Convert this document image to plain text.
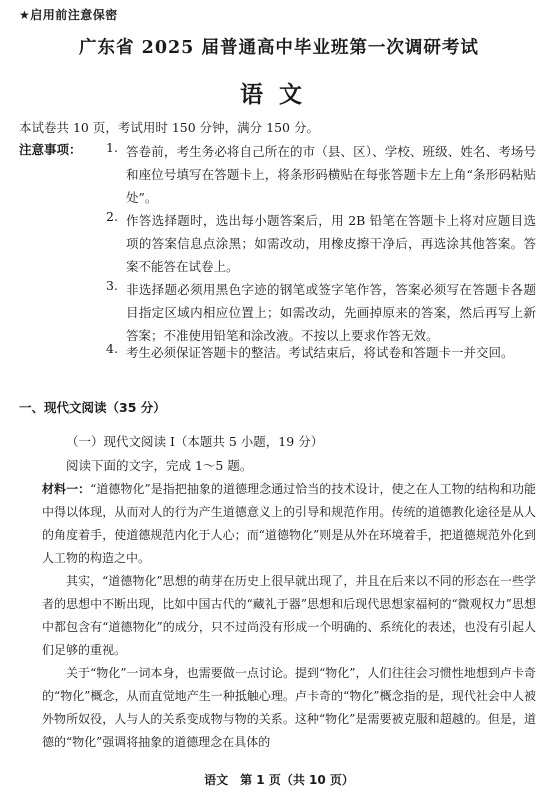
★启用前注意保密
广东省 2025 届普通高中毕业班第一次调研考试
语文
本试卷共 10 页，考试用时 150 分钟，满分 150 分。
注意事项： 1. 答卷前，考生务必将自己所在的市（县、区）、学校、班级、姓名、考场号和座位号填写在答题卡上，将条形码横贴在每张答题卡左上角“条形码粘贴处”。
2. 作答选择题时，选出每小题答案后，用 2B 铅笔在答题卡上将对应题目选项的答案信息点涂黑；如需改动，用橡皮擦干净后，再选涂其他答案。答案不能答在试卷上。
3. 非选择题必须用黑色字迹的钢笔或签字笔作答，答案必须写在答题卡各题目指定区域内相应位置上；如需改动，先画掉原来的答案，然后再写上新答案；不准使用铅笔和涂改液。不按以上要求作答无效。
4. 考生必须保证答题卡的整洁。考试结束后，将试卷和答题卡一并交回。
一、现代文阅读（35 分）
（一）现代文阅读 I（本题共 5 小题，19 分）
阅读下面的文字，完成 1～5 题。
材料一：“道德物化”是指把抽象的道德理念通过恰当的技术设计，使之在人工物的结构和功能中得以体现，从而对人的行为产生道德意义上的引导和规范作用。传统的道德教化途径是从人的角度着手，使道德规范内化于人心；而“道德物化”则是从外在环境着手，把道德规范外化到人工物的构造之中。
其实，“道德物化”思想的萌芽在历史上很早就出现了，并且在后来以不同的形态在一些学者的思想中不断出现，比如中国古代的“藏礼于器”思想和后现代思想家福柯的“微观权力”思想中都包含有“道德物化”的成分，只不过尚没有形成一个明确的、系统化的表述，也没有引起人们足够的重视。
关于“物化”一词本身，也需要做一点讨论。提到“物化”，人们往往会习惯性地想到卢卡奇的“物化”概念，从而直觉地产生一种抵触心理。卢卡奇的“物化”概念指的是，现代社会中人被外物所奴役，人与人的关系变成物与物的关系。这种“物化”是需要被克服和超越的。但是，道德的“物化”强调将抽象的道德理念在具体的
语文　第 1 页（共 10 页）
